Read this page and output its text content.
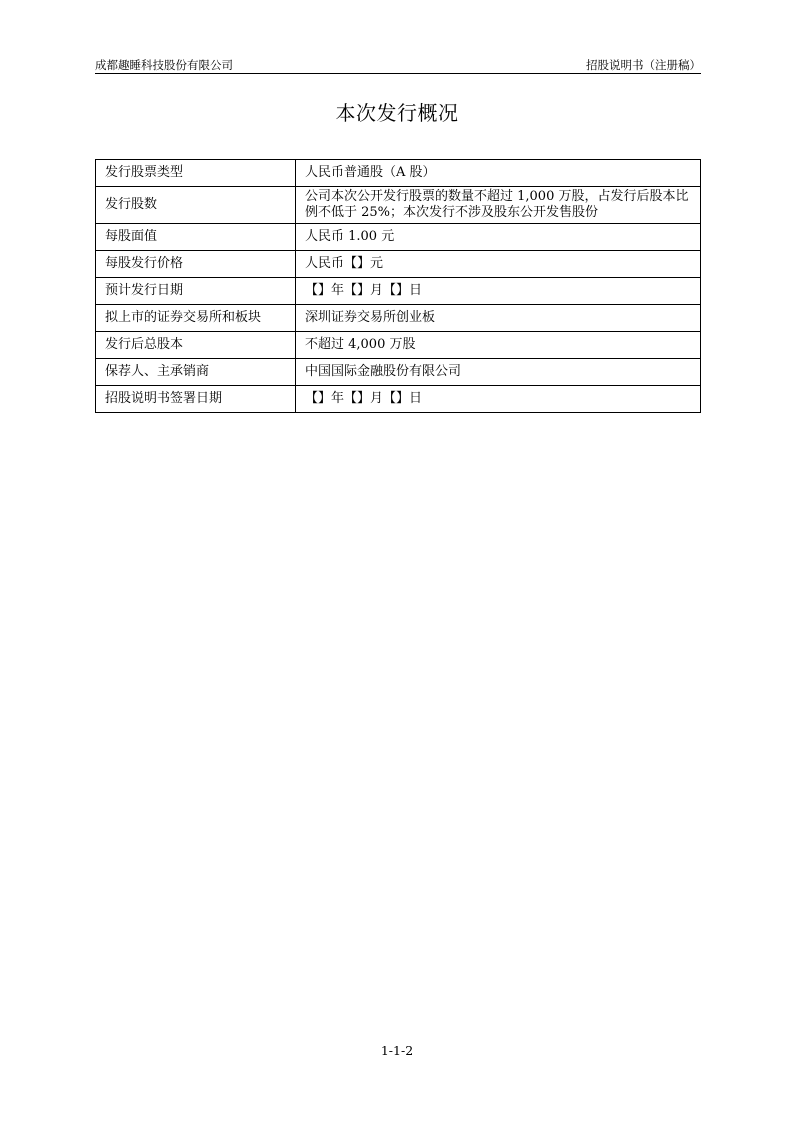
成都趣睡科技股份有限公司	招股说明书（注册稿）
本次发行概况
发行股票类型	人民币普通股（A 股）
发行股数	公司本次公开发行股票的数量不超过 1,000 万股，占发行后股本比例不低于 25%；本次发行不涉及股东公开发售股份
每股面值	人民币 1.00 元
每股发行价格	人民币【】元
预计发行日期	【】年【】月【】日
拟上市的证券交易所和板块	深圳证券交易所创业板
发行后总股本	不超过 4,000 万股
保荐人、主承销商	中国国际金融股份有限公司
招股说明书签署日期	【】年【】月【】日
1-1-2
